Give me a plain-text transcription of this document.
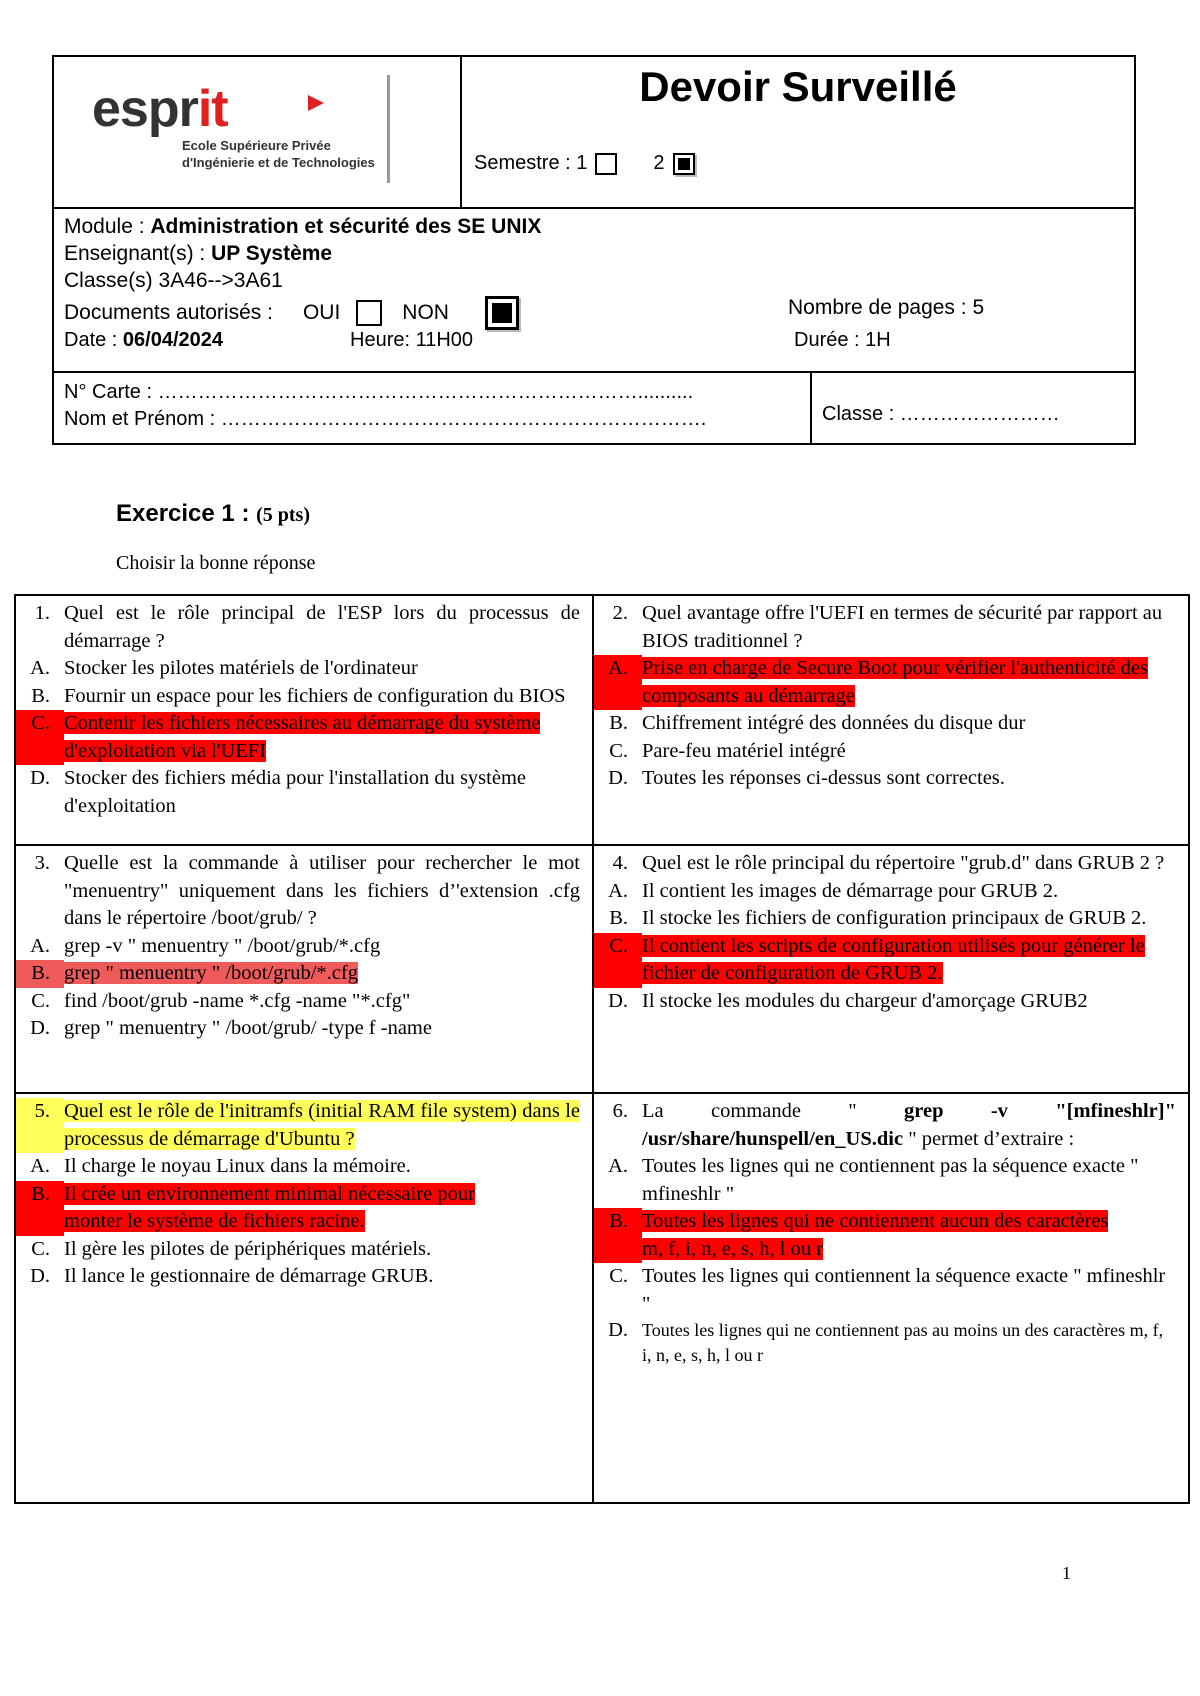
esprit
Ecole Supérieure Privée
d'Ingénierie et de Technologies
Devoir Surveillé
Semestre : 1	2
Module : Administration et sécurité des SE UNIX
Enseignant(s) : UP Système
Classe(s) 3A46-->3A61
Documents autorisés : OUI	NON	Nombre de pages : 5
Date : 06/04/2024	Heure: 11H00	Durée : 1H
N° Carte : ………………………………………………………………..........
Nom et Prénom : ……………………………………………………………….	Classe : ……………………
Exercice 1 : (5 pts)
Choisir la bonne réponse
1. Quel est le rôle principal de l'ESP lors du processus de démarrage ?
A. Stocker les pilotes matériels de l'ordinateur
B. Fournir un espace pour les fichiers de configuration du BIOS
C. Contenir les fichiers nécessaires au démarrage du système d'exploitation via l'UEFI
D. Stocker des fichiers média pour l'installation du système d'exploitation
2. Quel avantage offre l'UEFI en termes de sécurité par rapport au BIOS traditionnel ?
A. Prise en charge de Secure Boot pour vérifier l'authenticité des composants au démarrage
B. Chiffrement intégré des données du disque dur
C. Pare-feu matériel intégré
D. Toutes les réponses ci-dessus sont correctes.
3. Quelle est la commande à utiliser pour rechercher le mot "menuentry" uniquement dans les fichiers d’'extension .cfg dans le répertoire /boot/grub/ ?
A. grep -v " menuentry " /boot/grub/*.cfg
B. grep " menuentry " /boot/grub/*.cfg
C. find /boot/grub -name *.cfg -name "*.cfg"
D. grep " menuentry " /boot/grub/ -type f -name
4. Quel est le rôle principal du répertoire "grub.d" dans GRUB 2 ?
A. Il contient les images de démarrage pour GRUB 2.
B. Il stocke les fichiers de configuration principaux de GRUB 2.
C. Il contient les scripts de configuration utilisés pour générer le fichier de configuration de GRUB 2.
D. Il stocke les modules du chargeur d'amorçage GRUB2
5. Quel est le rôle de l'initramfs (initial RAM file system) dans le processus de démarrage d'Ubuntu ?
A. Il charge le noyau Linux dans la mémoire.
B. Il crée un environnement minimal nécessaire pour monter le système de fichiers racine.
C. Il gère les pilotes de périphériques matériels.
D. Il lance le gestionnaire de démarrage GRUB.
6. La commande " grep -v "[mfineshlr]" /usr/share/hunspell/en_US.dic " permet d’extraire :
A. Toutes les lignes qui ne contiennent pas la séquence exacte " mfineshlr "
B. Toutes les lignes qui ne contiennent aucun des caractères m, f, i, n, e, s, h, l ou r
C. Toutes les lignes qui contiennent la séquence exacte " mfineshlr "
D. Toutes les lignes qui ne contiennent pas au moins un des caractères m, f, i, n, e, s, h, l ou r
1
